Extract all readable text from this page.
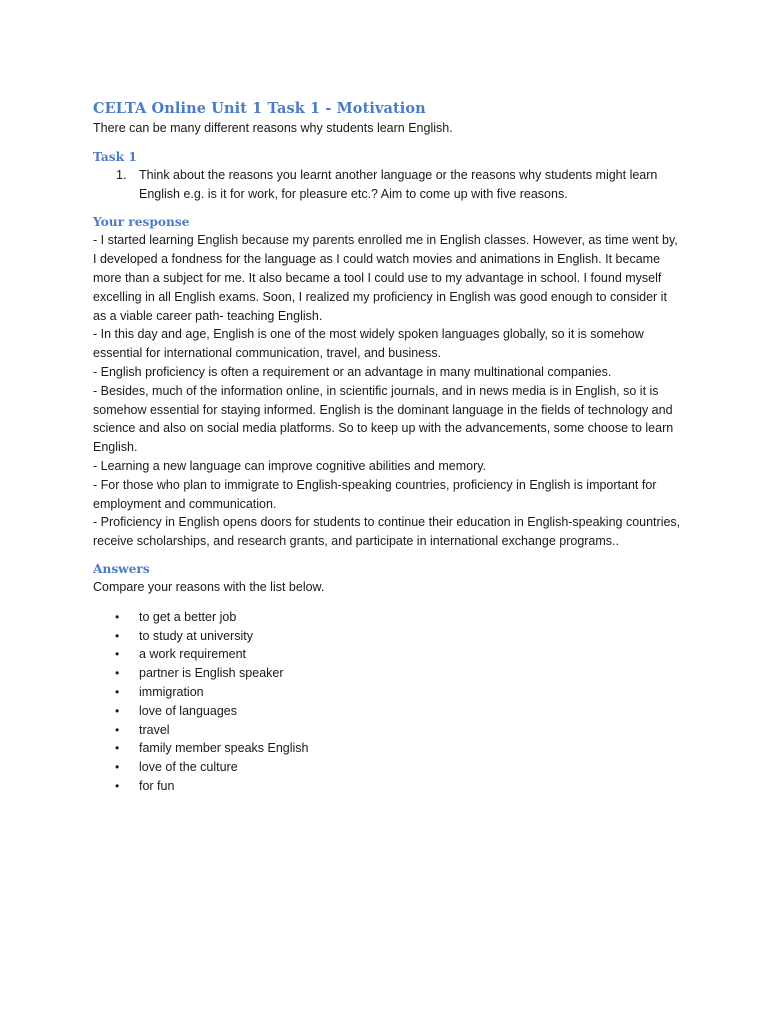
CELTA Online Unit 1 Task 1 - Motivation

There can be many different reasons why students learn English.

Task 1
1. Think about the reasons you learnt another language or the reasons why students might learn English e.g. is it for work, for pleasure etc.? Aim to come up with five reasons.
Your response

- I started learning English because my parents enrolled me in English classes. However, as time went by, I developed a fondness for the language as I could watch movies and animations in English. It became more than a subject for me. It also became a tool I could use to my advantage in school. I found myself excelling in all English exams. Soon, I realized my proficiency in English was good enough to consider it as a viable career path- teaching English.

- In this day and age, English is one of the most widely spoken languages globally, so it is somehow essential for international communication, travel, and business.

- English proficiency is often a requirement or an advantage in many multinational companies.

- Besides, much of the information online, in scientific journals, and in news media is in English, so it is somehow essential for staying informed. English is the dominant language in the fields of technology and science and also on social media platforms. So to keep up with the advancements, some choose to learn English.

- Learning a new language can improve cognitive abilities and memory.

- For those who plan to immigrate to English-speaking countries, proficiency in English is important for employment and communication.

- Proficiency in English opens doors for students to continue their education in English-speaking countries, receive scholarships, and research grants, and participate in international exchange programs..

Answers

Compare your reasons with the list below.

• to get a better job
• to study at university
• a work requirement
• partner is English speaker
• immigration
• love of languages
• travel
• family member speaks English
• love of the culture
• for fun
